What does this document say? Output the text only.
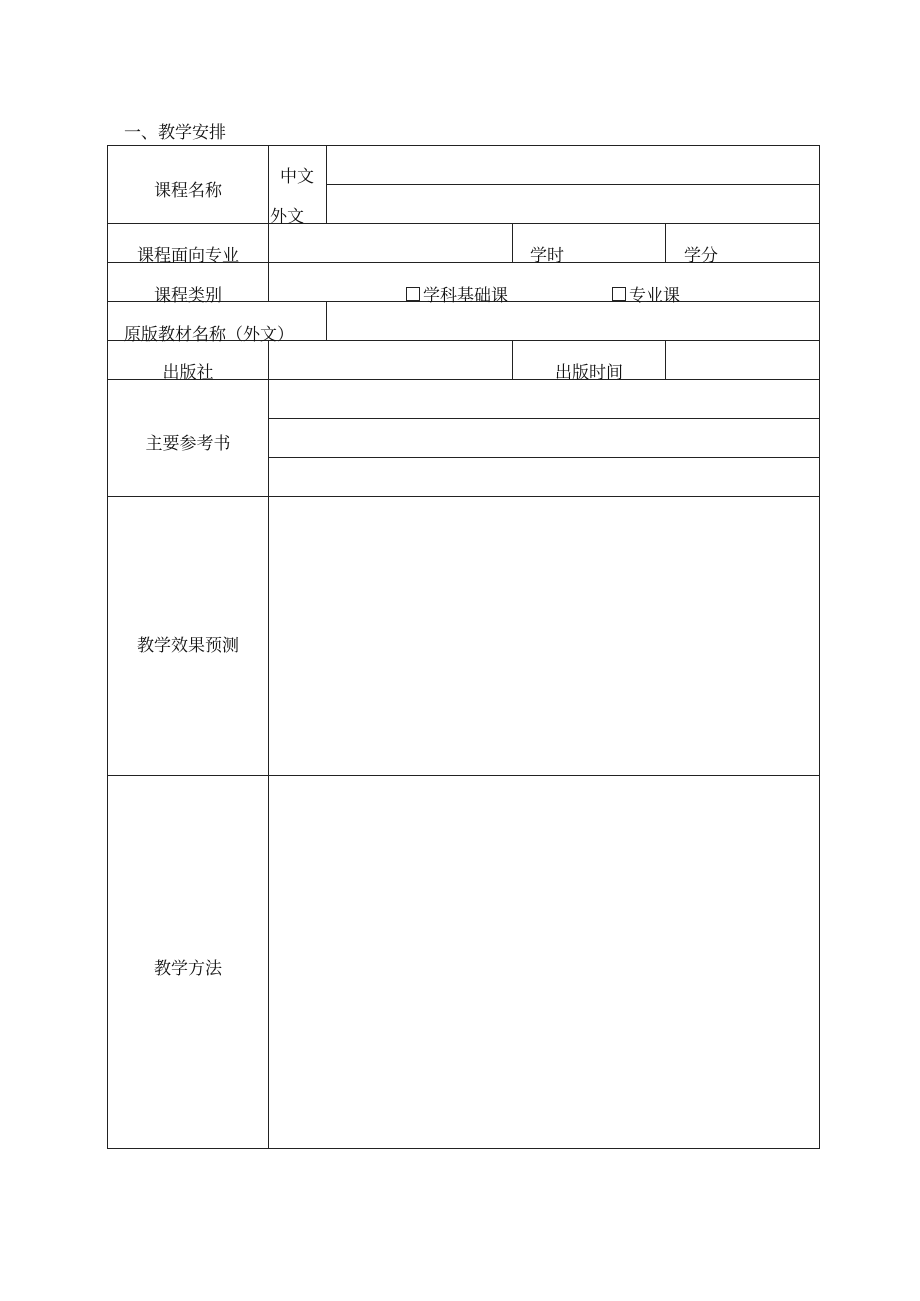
一、教学安排
课程名称
中文
外文
课程面向专业	学时	学分
课程类别	学科基础课	专业课
原版教材名称（外文）
出版社	出版时间
主要参考书
教学效果预测
教学方法
